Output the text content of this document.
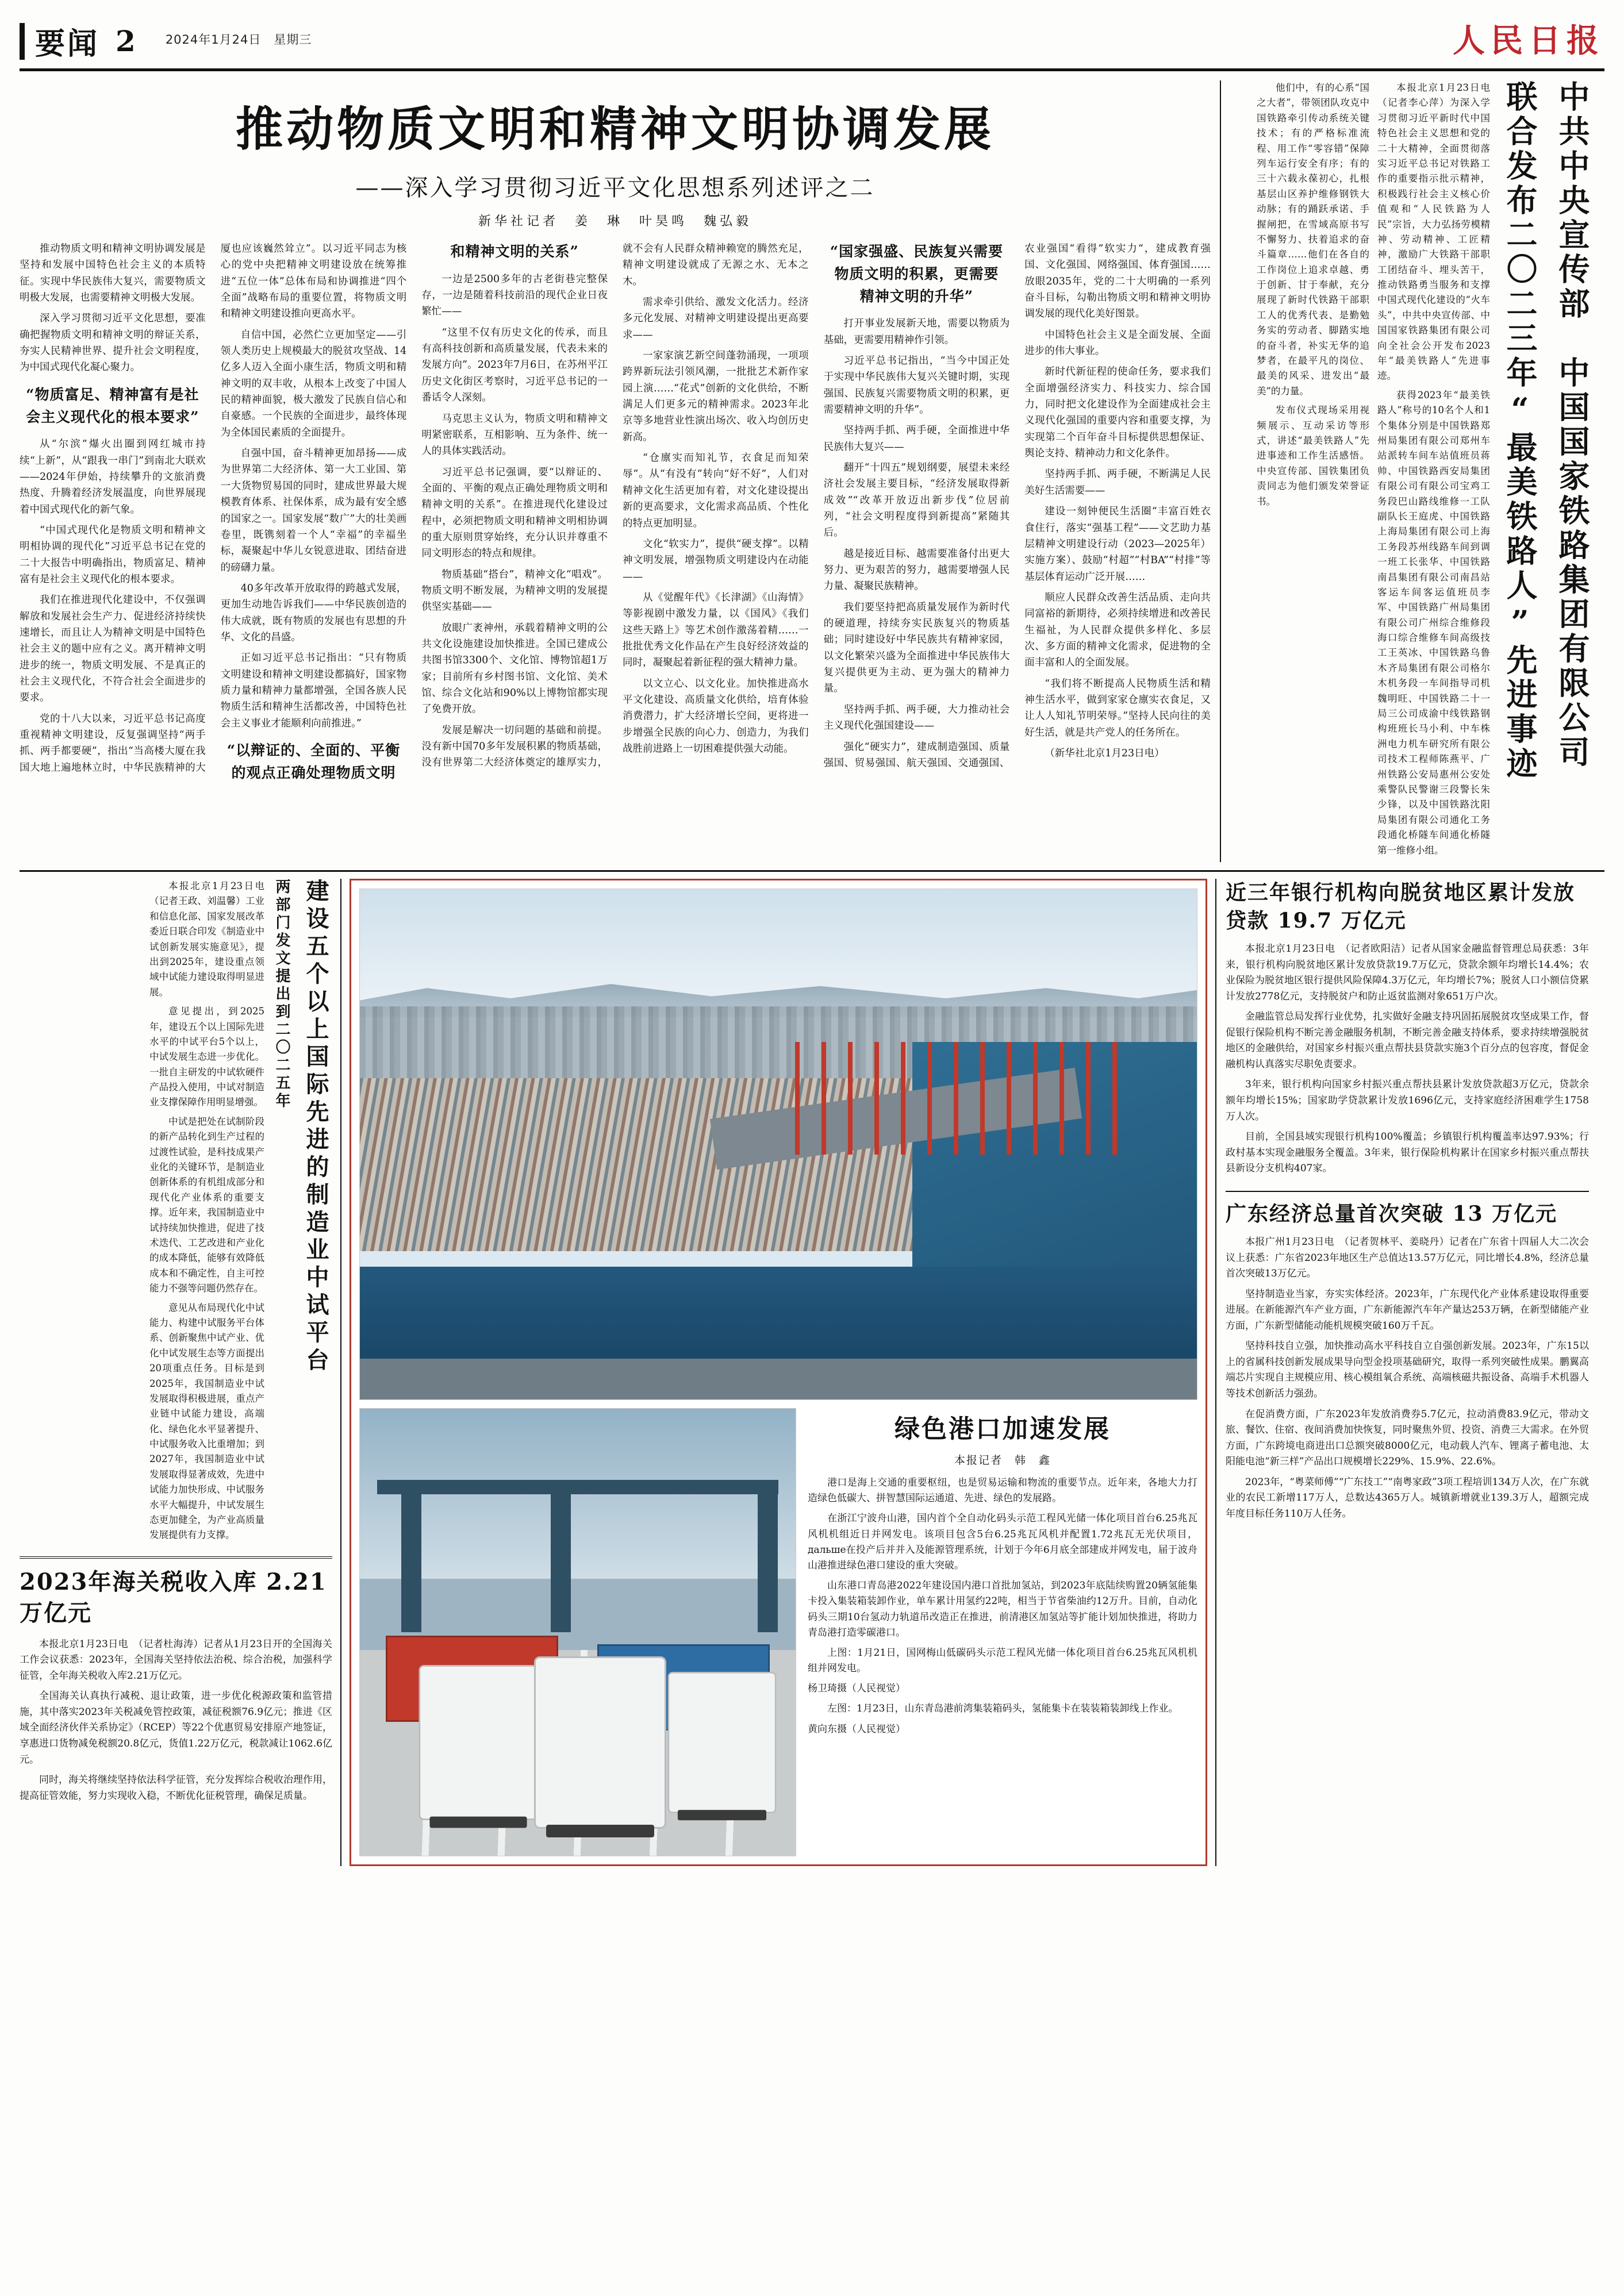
要闻 2 2024年1月24日　星期三	人民日报
推动物质文明和精神文明协调发展
——深入学习贯彻习近平文化思想系列述评之二
新华社记者　姜　琳　叶昊鸣　魏弘毅

推动物质文明和精神文明协调发展是坚持和发展中国特色社会主义的本质特征。实现中华民族伟大复兴，需要物质文明极大发展，也需要精神文明极大发展。

深入学习贯彻习近平文化思想，要准确把握物质文明和精神文明的辩证关系，夯实人民精神世界、提升社会文明程度，为中国式现代化凝心聚力。

“物质富足、精神富有是社会主义现代化的根本要求”

从“尔滨”爆火出圈到网红城市持续“上新”，从“跟我一串门”到南北大联欢——2024年伊始，持续攀升的文旅消费热度、升腾着经济发展温度，向世界展现着中国式现代化的新气象。

“中国式现代化是物质文明和精神文明相协调的现代化”习近平总书记在党的二十大报告中明确指出，物质富足、精神富有是社会主义现代化的根本要求。

我们在推进现代化建设中，不仅强调解放和发展社会生产力、促进经济持续快速增长，而且让人为精神文明是中国特色社会主义的题中应有之义。离开精神文明进步的统一，物质文明发展、不是真正的社会主义现代化，不符合社会全面进步的要求。

党的十八大以来，习近平总书记高度重视精神文明建设，反复强调坚持“两手抓、两手都要硬”，指出“当高楼大厦在我国大地上遍地林立时，中华民族精神的大厦也应该巍然耸立”。以习近平同志为核心的党中央把精神文明建设放在统筹推进“五位一体”总体布局和协调推进“四个全面”战略布局的重要位置，将物质文明和精神文明建设推向更高水平。

自信中国，必然伫立更加坚定——引领人类历史上规模最大的脱贫攻坚战、14亿多人迈入全面小康生活，物质文明和精神文明的双丰收，从根本上改变了中国人民的精神面貌，极大激发了民族自信心和自豪感。一个民族的全面进步，最终体现为全体国民素质的全面提升。

自强中国，奋斗精神更加昂扬——成为世界第二大经济体、第一大工业国、第一大货物贸易国的同时，建成世界最大规模教育体系、社保体系，成为最有安全感的国家之一。国家发展“数广”大的壮美画卷里，既镌刻着一个人“幸福”的幸福坐标，凝聚起中华儿女锐意进取、团结奋进的磅礴力量。

40多年改革开放取得的跨越式发展，更加生动地告诉我们——中华民族创造的伟大成就，既有物质的发展也有思想的升华、文化的昌盛。

正如习近平总书记指出：“只有物质文明建设和精神文明建设都搞好，国家物质力量和精神力量都增强，全国各族人民物质生活和精神生活都改善，中国特色社会主义事业才能顺利向前推进。”

“以辩证的、全面的、平衡的观点正确处理物质文明和精神文明的关系”

一边是2500多年的古老街巷完整保存，一边是随着科技前沿的现代企业日夜繁忙——

“这里不仅有历史文化的传承，而且有高科技创新和高质量发展，代表未来的发展方向”。2023年7月6日，在苏州平江历史文化街区考察时，习近平总书记的一番话令人深刻。

马克思主义认为，物质文明和精神文明紧密联系，互相影响、互为条件、统一人的具体实践活动。

习近平总书记强调，要“以辩证的、全面的、平衡的观点正确处理物质文明和精神文明的关系”。在推进现代化建设过程中，必须把物质文明和精神文明相协调的重大原则贯穿始终，充分认识并尊重不同文明形态的特点和规律。

物质基础“搭台”，精神文化“唱戏”。物质文明不断发展，为精神文明的发展提供坚实基础——

放眼广袤神州，承载着精神文明的公共文化设施建设加快推进。全国已建成公共图书馆3300个、文化馆、博物馆超1万家；目前所有乡村图书馆、文化馆、美术馆、综合文化站和90%以上博物馆都实现了免费开放。

发展是解决一切问题的基础和前提。没有新中国70多年发展积累的物质基础，没有世界第二大经济体奠定的雄厚实力，就不会有人民群众精神赖宽的腾然充足，精神文明建设就成了无源之水、无本之木。

需求牵引供给、激发文化活力。经济多元化发展、对精神文明建设提出更高要求——

一家家演艺新空间蓬勃涌现，一项项跨界新玩法引领风潮，一批批艺术新作家园上演……“花式”创新的文化供给，不断满足人们更多元的精神需求。2023年北京等多地营业性演出场次、收入均创历史新高。

“仓廪实而知礼节，衣食足而知荣辱”。从“有没有”转向“好不好”，人们对精神文化生活更加有着，对文化建设提出新的更高要求，文化需求高品质、个性化的特点更加明显。

文化“软实力”，提供“硬支撑”。以精神文明发展，增强物质文明建设内在动能——

从《觉醒年代》《长津湖》《山海情》等影视剧中激发力量，以《国风》《我们这些天路上》等艺术创作激荡着精……一批批优秀文化作品在产生良好经济效益的同时，凝聚起着新征程的强大精神力量。

以文立心、以文化业。加快推进高水平文化建设、高质量文化供给，培育体验消费潜力，扩大经济增长空间，更将进一步增强全民族的向心力、创造力，为我们战胜前进路上一切困难提供强大动能。

“国家强盛、民族复兴需要物质文明的积累，更需要精神文明的升华”

打开事业发展新天地，需要以物质为基础，更需要用精神作引领。

习近平总书记指出，“当今中国正处于实现中华民族伟大复兴关键时期，实现强国、民族复兴需要物质文明的积累，更需要精神文明的升华”。

坚持两手抓、两手硬，全面推进中华民族伟大复兴——

翻开“十四五”规划纲要，展望未来经济社会发展主要目标，“经济发展取得新成效”“改革开放迈出新步伐”位居前列，“社会文明程度得到新提高”紧随其后。

越是接近目标、越需要准备付出更大努力、更为艰苦的努力，越需要增强人民力量、凝聚民族精神。

我们要坚持把高质量发展作为新时代的硬道理，持续夯实民族复兴的物质基础；同时建设好中华民族共有精神家园，以文化繁荣兴盛为全面推进中华民族伟大复兴提供更为主动、更为强大的精神力量。

坚持两手抓、两手硬，大力推动社会主义现代化强国建设——

强化“硬实力”，建成制造强国、质量强国、贸易强国、航天强国、交通强国、农业强国“看得”软实力“，建成教育强国、文化强国、网络强国、体育强国……放眼2035年，党的二十大明确的一系列奋斗目标，勾勒出物质文明和精神文明协调发展的现代化美好图景。

中国特色社会主义是全面发展、全面进步的伟大事业。

新时代新征程的使命任务，要求我们全面增强经济实力、科技实力、综合国力，同时把文化建设作为全面建成社会主义现代化强国的重要内容和重要支撑，为实现第二个百年奋斗目标提供思想保证、舆论支持、精神动力和文化条件。

坚持两手抓、两手硬，不断满足人民美好生活需要——

建设一刻钟便民生活圈“丰富百姓衣食住行，落实“强基工程”——文艺助力基层精神文明建设行动（2023—2025年）实施方案）、鼓励“村超”“村BA”“村排”等基层体育运动广泛开展……

顺应人民群众改善生活品质、走向共同富裕的新期待，必须持续增进和改善民生福祉，为人民群众提供多样化、多层次、多方面的精神文化需求，促进物的全面丰富和人的全面发展。

“我们将不断提高人民物质生活和精神生活水平，做到家家仓廪实衣食足，又让人人知礼节明荣辱。”坚持人民向往的美好生活，就是共产党人的任务所在。

（新华社北京1月23日电）	中共中央宣传部　中国国家铁路集团有限公司
联合发布二〇二三年“最美铁路人”先进事迹

本报北京1月23日电　（记者李心萍）为深入学习贯彻习近平新时代中国特色社会主义思想和党的二十大精神，全面贯彻落实习近平总书记对铁路工作的重要指示批示精神，积极践行社会主义核心价值观和“人民铁路为人民”宗旨，大力弘扬劳模精神、劳动精神、工匠精神，激励广大铁路干部职工团结奋斗、埋头苦干，推动铁路勇当服务和支撑中国式现代化建设的“火车头”，中共中央宣传部、中国国家铁路集团有限公司向全社会公开发布2023年“最美铁路人”先进事迹。

获得2023年“最美铁路人”称号的10名个人和1个集体分别是中国铁路郑州局集团有限公司郑州车站派转车间车站值班员蒋帅、中国铁路西安局集团有限公司有限公司宝鸡工务段巴山路线维修一工队副队长王庭虎、中国铁路上海局集团有限公司上海工务段苏州线路车间到调一班工长张华、中国铁路南昌集团有限公司南昌站客运车间客运值班员李军、中国铁路广州局集团有限公司广州综合维修段海口综合维修车间高级技工王英冰、中国铁路乌鲁木齐局集团有限公司格尔木机务段一车间指导司机魏明旺、中国铁路二十一局三公司成渝中线铁路钢构班班长马小利、中车株洲电力机车研究所有限公司技术工程师陈燕平、广州铁路公安局惠州公安处乘警队民警谢三段警长朱少锋，以及中国铁路沈阳局集团有限公司通化工务段通化桥隧车间通化桥隧第一维修小组。

他们中，有的心系“国之大者”，带领团队攻克中国铁路牵引传动系统关键技术；有的严格标准流程、用工作“零容错”保障列车运行安全有序；有的三十六载永葆初心，扎根基层山区养护维修钢铁大动脉；有的踊跃承诺、手握闸把，在雪域高原书写不懈努力、扶着追求的奋斗篇章……他们在各自的工作岗位上追求卓越、勇于创新、甘于奉献，充分展现了新时代铁路干部职工人的优秀代表、是勤勉务实的劳动者、脚踏实地的奋斗者，补实无华的追梦者，在最平凡的岗位、最美的风采、进发出“最美”的力量。

发布仪式现场采用视频展示、互动采访等形式，讲述“最美铁路人”先进事迹和工作生活感悟。中央宣传部、国铁集团负责同志为他们颁发荣誉证书。

建设五个以上国际先进的制造业中试平台
两部门发文提出到二〇二五年

本报北京1月23日电　（记者王政、刘温馨）工业和信息化部、国家发展改革委近日联合印发《制造业中试创新发展实施意见》，提出到2025年，建设重点领域中试能力建设取得明显进展。

意见提出，到2025年，建设五个以上国际先进水平的中试平台5个以上，中试发展生态进一步优化。一批自主研发的中试软硬件产品投入使用，中试对制造业支撑保障作用明显增强。

中试是把处在试制阶段的新产品转化到生产过程的过渡性试验，是科技成果产业化的关键环节，是制造业创新体系的有机组成部分和现代化产业体系的重要支撑。近年来，我国制造业中试持续加快推进，促进了技术迭代、工艺改进和产业化的成本降低，能够有效降低成本和不确定性，自主可控能力不强等问题仍然存在。

意见从布局现代化中试能力、构建中试服务平台体系、创新聚焦中试产业、优化中试发展生态等方面提出20项重点任务。目标是到2025年，我国制造业中试发展取得积极进展，重点产业链中试能力建设，高端化、绿色化水平显著提升、中试服务收入比重增加；到2027年，我国制造业中试发展取得显著成效，先进中试能力加快形成、中试服务水平大幅提升，中试发展生态更加健全，为产业高质量发展提供有力支撑。

2023年海关税收入库 2.21 万亿元

本报北京1月23日电　（记者杜海涛）记者从1月23日开的全国海关工作会议获悉：2023年，全国海关坚持依法治税、综合治税，加强科学征管，全年海关税收入库2.21万亿元。

全国海关认真执行减税、退让政策，进一步优化税源政策和监管措施，其中落实2023年关税减免管控政策，减征税额76.9亿元；推进《区域全面经济伙伴关系协定》（RCEP）等22个优惠贸易安排原产地签证，享惠进口货物减免税额20.8亿元，货值1.22万亿元，税款减让1062.6亿元。

同时，海关将继续坚持依法科学征管，充分发挥综合税收治理作用，提高征管效能，努力实现收入稳，不断优化征税管理，确保足质量。

绿色港口加速发展
本报记者　韩　鑫

港口是海上交通的重要枢纽，也是贸易运输和物流的重要节点。近年来，各地大力打造绿色低碳大、拼智慧国际运通道、先进、绿色的发展路。

在浙江宁波舟山港，国内首个全自动化码头示范工程风光储一体化项目首台6.25兆瓦风机机组近日并网发电。该项目包含5台6.25兆瓦风机并配置1.72兆瓦无光伏项目，дальше在投产后并并入及能源管理系统，计划于今年6月底全部建成并网发电，届于波舟山港推进绿色港口建设的重大突破。

山东港口青岛港2022年建设国内港口首批加氢站，到2023年底陆续购置20辆氢能集卡投入集装箱装卸作业，单车累计用氢约22吨，相当于节省柴油约12万升。目前，自动化码头三期10台氢动力轨道吊改造正在推进，前清港区加氢站等扩能计划加快推进，将助力青岛港打造零碳港口。

上图：1月21日，国网梅山低碳码头示范工程风光储一体化项目首台6.25兆瓦风机机组并网发电。

杨卫琦摄（人民视觉）

左图：1月23日，山东青岛港前湾集装箱码头，氢能集卡在装装箱装卸线上作业。

黄向东摄（人民视觉）

近三年银行机构向脱贫地区累计发放贷款 19.7 万亿元

本报北京1月23日电　（记者欧阳洁）记者从国家金融监督管理总局获悉：3年来，银行机构向脱贫地区累计发放贷款19.7万亿元，贷款余额年均增长14.4%；农业保险为脱贫地区银行提供风险保障4.3万亿元，年均增长7%；脱贫人口小额信贷累计发放2778亿元，支持脱贫户和防止返贫监测对象651万户次。

金融监管总局发挥行业优势，扎实做好金融支持巩固拓展脱贫攻坚成果工作，督促银行保险机构不断完善金融服务机制，不断完善金融支持体系，要求持续增强脱贫地区的金融供给，对国家乡村振兴重点帮扶县贷款实施3个百分点的包容度，督促金融机构认真落实尽职免责要求。

3年来，银行机构向国家乡村振兴重点帮扶县累计发放贷款超3万亿元，贷款余额年均增长15%；国家助学贷款累计发放1696亿元，支持家庭经济困难学生1758万人次。

目前，全国县域实现银行机构100%覆盖；乡镇银行机构覆盖率达97.93%；行政村基本实现金融服务全覆盖。3年来，银行保险机构累计在国家乡村振兴重点帮扶县新设分支机构407家。

广东经济总量首次突破 13 万亿元

本报广州1月23日电　（记者贺林平、姜晓丹）记者在广东省十四届人大二次会议上获悉：广东省2023年地区生产总值达13.57万亿元，同比增长4.8%，经济总量首次突破13万亿元。

坚持制造业当家，夯实实体经济。2023年，广东现代化产业体系建设取得重要进展。在新能源汽车产业方面，广东新能源汽车年产量达253万辆，在新型储能产业方面，广东新型储能动能机规模突破160万千瓦。

坚持科技自立强，加快推动高水平科技自立自强创新发展。2023年，广东15以上的省属科技创新发展成果导向型金投项基础研究，取得一系列突破性成果。鹏翼高端芯片实现自主规模应用、核心模组氧合系统、高端核磁共振设备、高端手术机器人等技术创新活力强劲。

在促消费方面，广东2023年发放消费券5.7亿元，拉动消费83.9亿元，带动文旅、餐饮、住宿、夜间消费加快恢复，同时聚焦外贸、投资、消费三大需求。在外贸方面，广东跨境电商进出口总额突破8000亿元，电动载人汽车、锂离子蓄电池、太阳能电池“新三样”产品出口规模增长229%、15.9%、22.6%。

2023年，“粤菜师傅”“广东技工”“南粤家政”3项工程培训134万人次，在广东就业的农民工新增117万人，总数达4365万人。城镇新增就业139.3万人，超额完成年度目标任务110万人任务。
